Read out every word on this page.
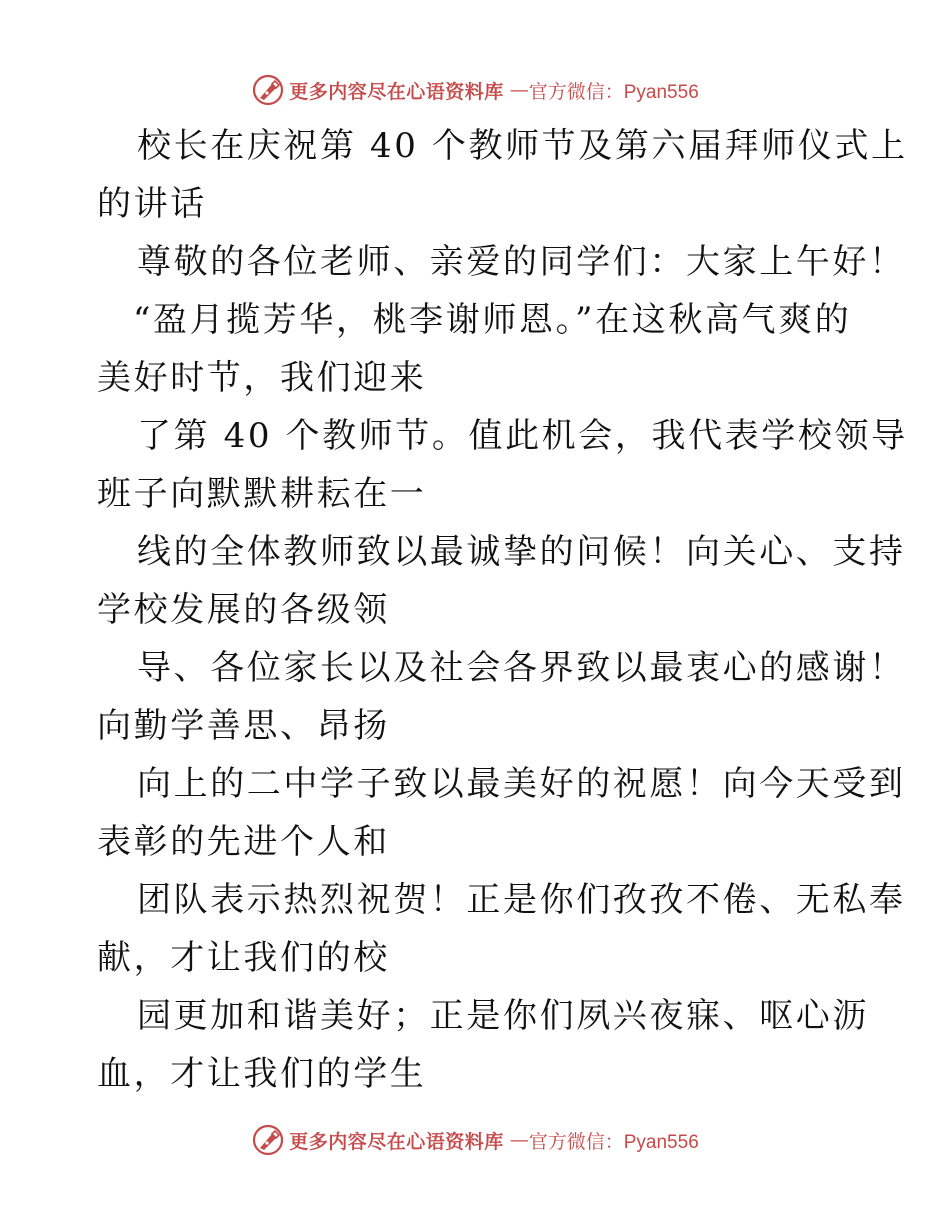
更多内容尽在心语资料库 — 官方微信：Pyan556
校长在庆祝第 40 个教师节及第六届拜师仪式上
的讲话
尊敬的各位老师、亲爱的同学们：大家上午好！
“盈月揽芳华，桃李谢师恩。”在这秋高气爽的
美好时节，我们迎来
了第 40 个教师节。值此机会，我代表学校领导
班子向默默耕耘在一
线的全体教师致以最诚挚的问候！向关心、支持
学校发展的各级领
导、各位家长以及社会各界致以最衷心的感谢！
向勤学善思、昂扬
向上的二中学子致以最美好的祝愿！向今天受到
表彰的先进个人和
团队表示热烈祝贺！正是你们孜孜不倦、无私奉
献，才让我们的校
园更加和谐美好；正是你们夙兴夜寐、呕心沥
血，才让我们的学生
更多内容尽在心语资料库 — 官方微信：Pyan556
